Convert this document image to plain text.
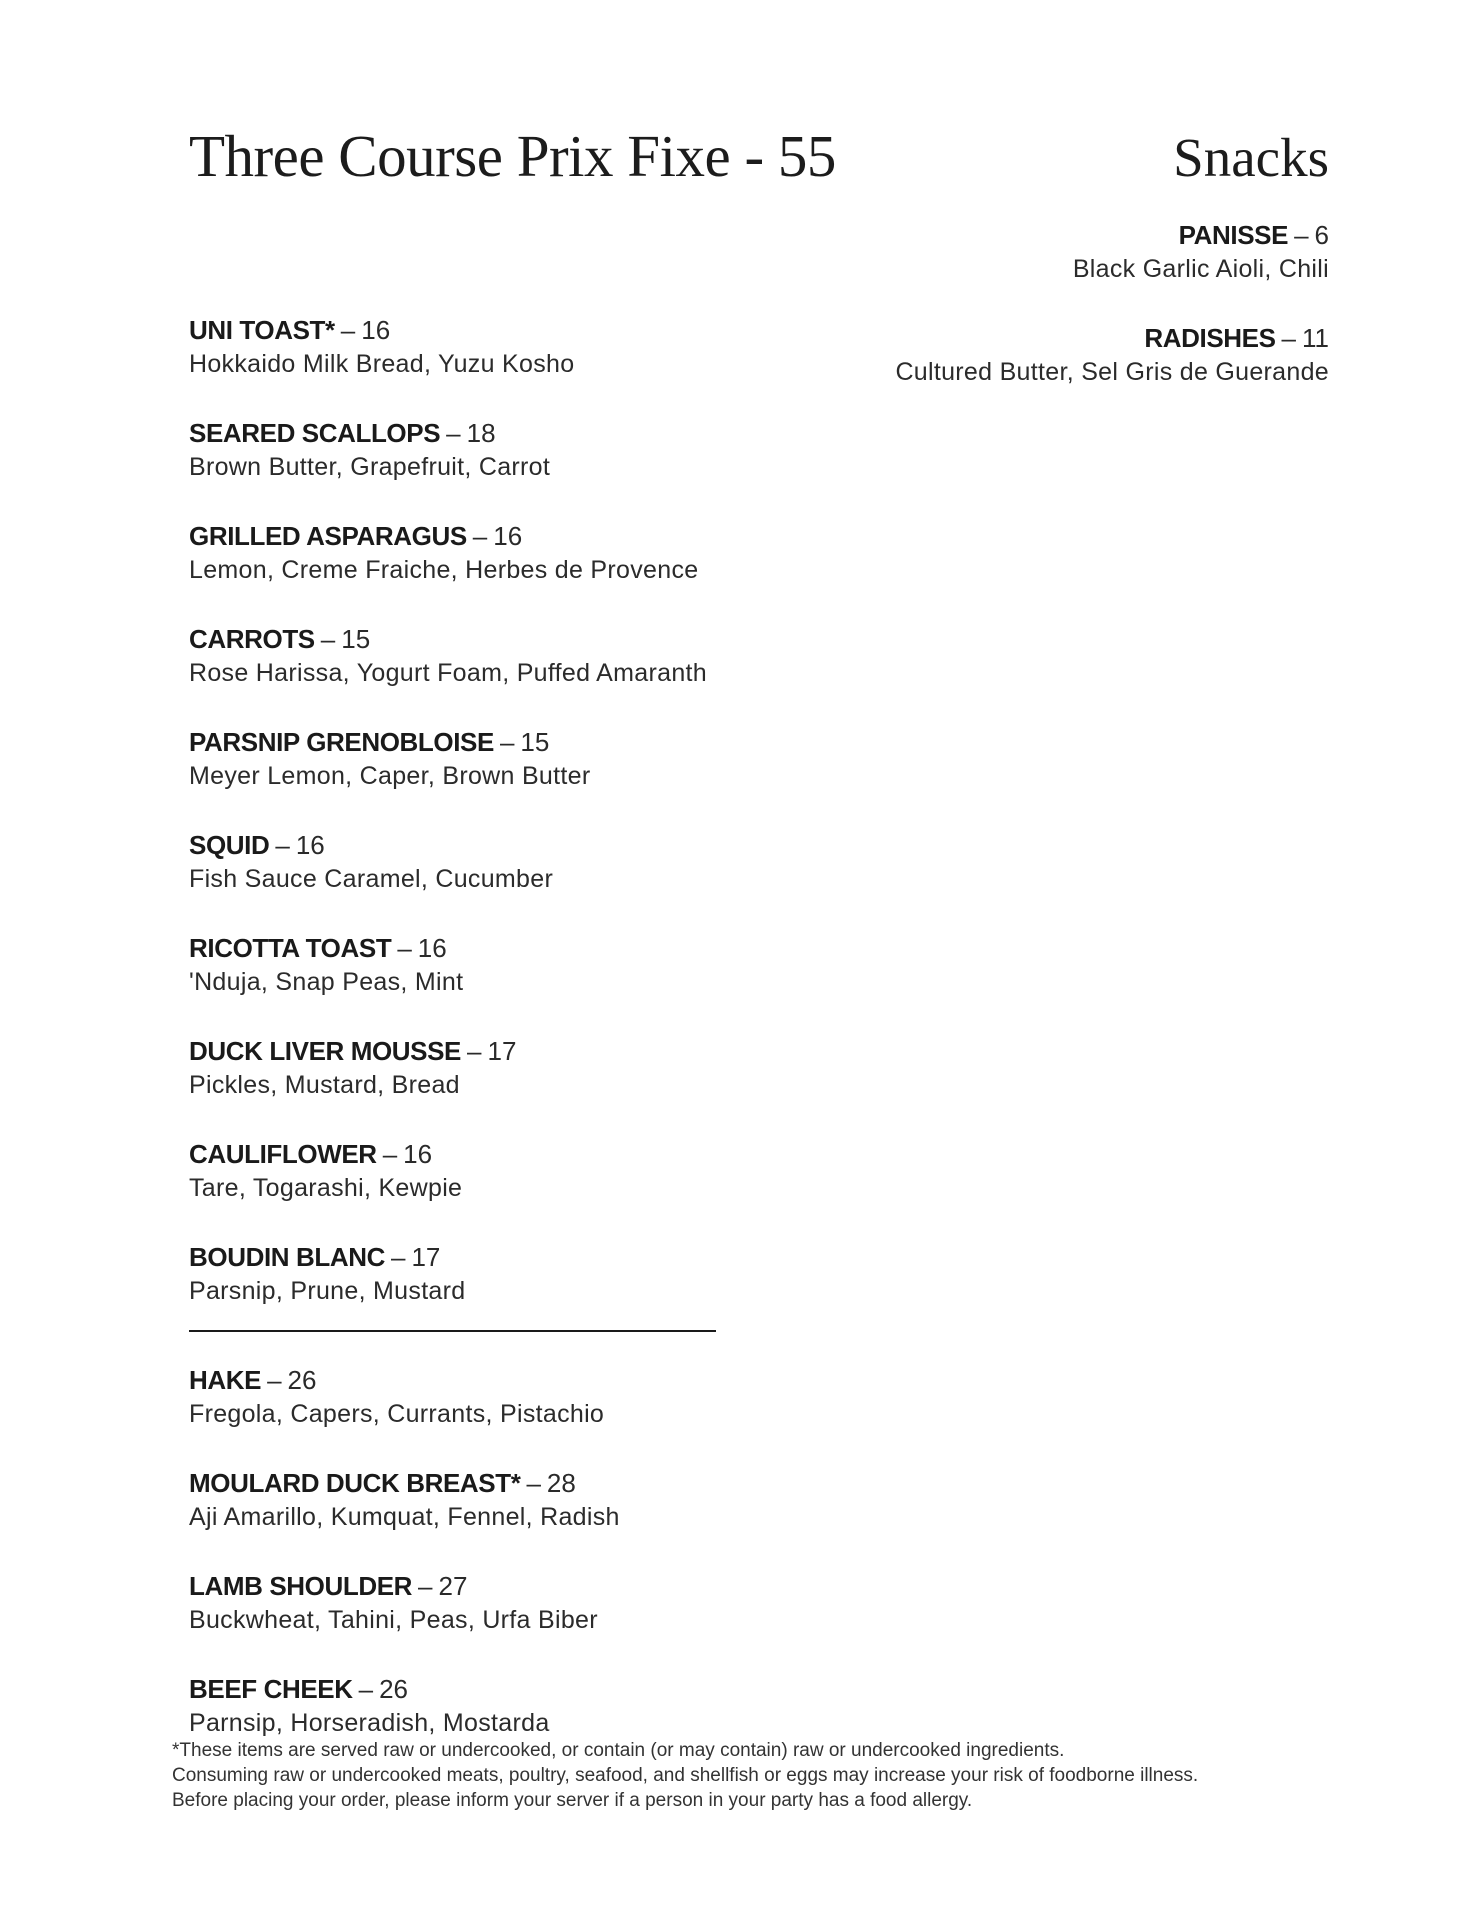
Three Course Prix Fixe - 55	Snacks
PANISSE – 6
Black Garlic Aioli, Chili
RADISHES – 11
Cultured Butter, Sel Gris de Guerande
UNI TOAST* – 16
Hokkaido Milk Bread, Yuzu Kosho
SEARED SCALLOPS – 18
Brown Butter, Grapefruit, Carrot
GRILLED ASPARAGUS – 16
Lemon, Creme Fraiche, Herbes de Provence
CARROTS – 15
Rose Harissa, Yogurt Foam, Puffed Amaranth
PARSNIP GRENOBLOISE – 15
Meyer Lemon, Caper, Brown Butter
SQUID – 16
Fish Sauce Caramel, Cucumber
RICOTTA TOAST – 16
'Nduja, Snap Peas, Mint
DUCK LIVER MOUSSE – 17
Pickles, Mustard, Bread
CAULIFLOWER – 16
Tare, Togarashi, Kewpie
BOUDIN BLANC – 17
Parsnip, Prune, Mustard
HAKE – 26
Fregola, Capers, Currants, Pistachio
MOULARD DUCK BREAST* – 28
Aji Amarillo, Kumquat, Fennel, Radish
LAMB SHOULDER – 27
Buckwheat, Tahini, Peas, Urfa Biber
BEEF CHEEK – 26
Parnsip, Horseradish, Mostarda

*These items are served raw or undercooked, or contain (or may contain) raw or undercooked ingredients.

Consuming raw or undercooked meats, poultry, seafood, and shellfish or eggs may increase your risk of foodborne illness.

Before placing your order, please inform your server if a person in your party has a food allergy.
